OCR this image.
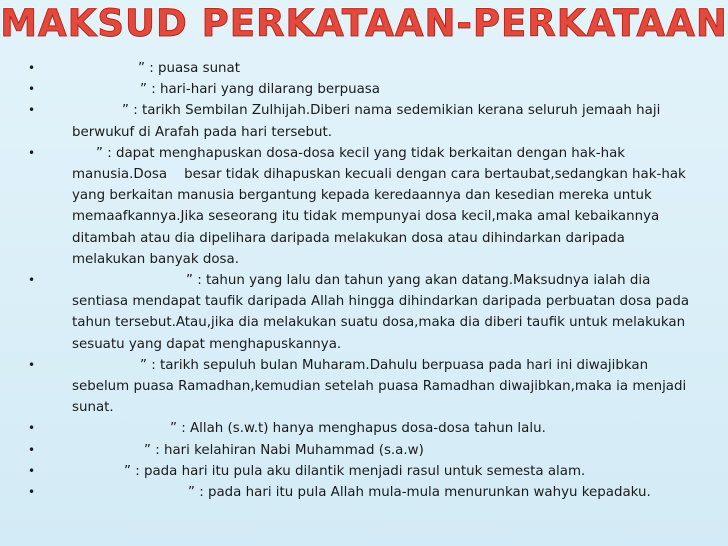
MAKSUD PERKATAAN-PERKATAAN
•	” : puasa sunat
•	” : hari-hari yang dilarang berpuasa
•	” : tarikh Sembilan Zulhijah.Diberi nama sedemikian kerana seluruh jemaah haji berwukuf di Arafah pada hari tersebut.
•	” : dapat menghapuskan dosa-dosa kecil yang tidak berkaitan dengan hak-hak manusia.Dosa    besar tidak dihapuskan kecuali dengan cara bertaubat,sedangkan hak-hak yang berkaitan manusia bergantung kepada keredaannya dan kesedian mereka untuk memaafkannya.Jika seseorang itu tidak mempunyai dosa kecil,maka amal kebaikannya ditambah atau dia dipelihara daripada melakukan dosa atau dihindarkan daripada melakukan banyak dosa.
•	” : tahun yang lalu dan tahun yang akan datang.Maksudnya ialah dia sentiasa mendapat taufik daripada Allah hingga dihindarkan daripada perbuatan dosa pada tahun tersebut.Atau,jika dia melakukan suatu dosa,maka dia diberi taufik untuk melakukan sesuatu yang dapat menghapuskannya.
•	” : tarikh sepuluh bulan Muharam.Dahulu berpuasa pada hari ini diwajibkan sebelum puasa Ramadhan,kemudian setelah puasa Ramadhan diwajibkan,maka ia menjadi sunat.
•	” : Allah (s.w.t) hanya menghapus dosa-dosa tahun lalu.
•	” : hari kelahiran Nabi Muhammad (s.a.w)
•	” : pada hari itu pula aku dilantik menjadi rasul untuk semesta alam.
•	” : pada hari itu pula Allah mula-mula menurunkan wahyu kepadaku.
